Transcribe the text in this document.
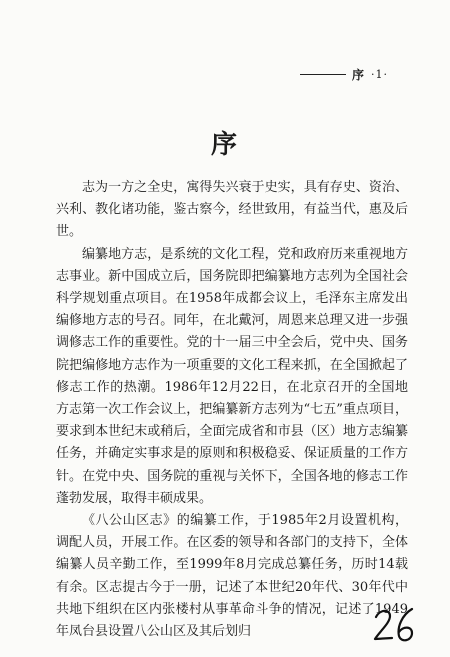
序 ·1·
序

志为一方之全史，寓得失兴衰于史实，具有存史、资治、兴利、教化诸功能，鉴古察今，经世致用，有益当代，惠及后世。

编纂地方志，是系统的文化工程，党和政府历来重视地方志事业。新中国成立后，国务院即把编纂地方志列为全国社会科学规划重点项目。在1958年成都会议上，毛泽东主席发出编修地方志的号召。同年，在北戴河，周恩来总理又进一步强调修志工作的重要性。党的十一届三中全会后，党中央、国务院把编修地方志作为一项重要的文化工程来抓，在全国掀起了修志工作的热潮。1986年12月22日，在北京召开的全国地方志第一次工作会议上，把编纂新方志列为“七五”重点项目，要求到本世纪末或稍后，全面完成省和市县（区）地方志编纂任务，并确定实事求是的原则和积极稳妥、保证质量的工作方针。在党中央、国务院的重视与关怀下，全国各地的修志工作蓬勃发展，取得丰硕成果。

《八公山区志》的编纂工作，于1985年2月设置机构，调配人员，开展工作。在区委的领导和各部门的支持下，全体编纂人员辛勤工作，至1999年8月完成总纂任务，历时14载有余。区志提古今于一册，记述了本世纪20年代、30年代中共地下组织在区内张楼村从事革命斗争的情况，记述了1949年凤台县设置八公山区及其后划归
